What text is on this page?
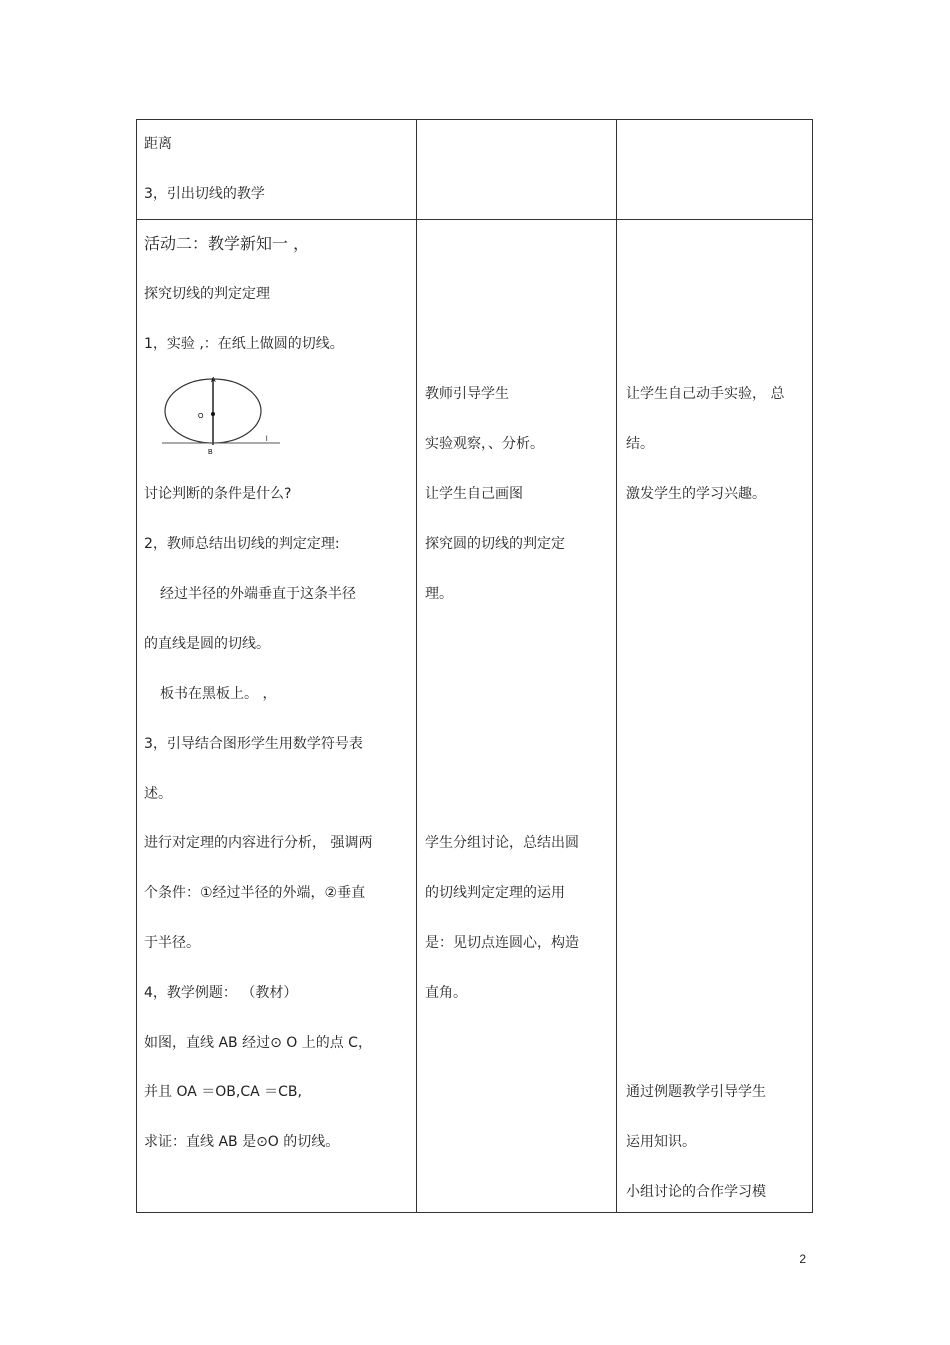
距离
3，引出切线的教学
活动二：教学新知一 ，
探究切线的判定定理
1，实验 ,：在纸上做圆的切线。
A
O
B
l
讨论判断的条件是什么?
2，教师总结出切线的判定定理:
经过半径的外端垂直于这条半径
的直线是圆的切线。
板书在黑板上。 ，
3，引导结合图形学生用数学符号表
述。
进行对定理的内容进行分析， 强调两
个条件：①经过半径的外端，②垂直
于半径。
4，教学例题： （教材）
如图，直线 AB 经过⊙ O 上的点 C，
并且 OA ＝OB,CA ＝CB,
求证：直线 AB 是⊙O 的切线。
教师引导学生
实验观察，、分析。
让学生自己画图
探究圆的切线的判定定
理。
学生分组讨论，总结出圆
的切线判定定理的运用
是：见切点连圆心，构造
直角。
让学生自己动手实验， 总
结。
激发学生的学习兴趣。
通过例题教学引导学生
运用知识。
小组讨论的合作学习模
2
